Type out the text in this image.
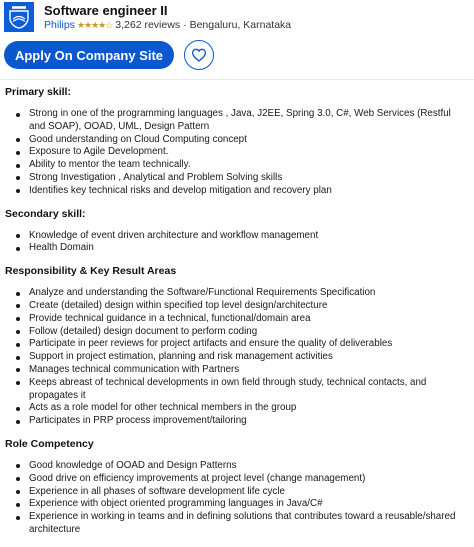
Software engineer II
Philips ★★★★☆ 3,262 reviews · Bengaluru, Karnataka
Apply On Company Site
Primary skill:
Strong in one of the programming languages , Java, J2EE, Spring 3.0, C#, Web Services (Restful and SOAP), OOAD, UML, Design Pattern
Good understanding on Cloud Computing concept
Exposure to Agile Development.
Ability to mentor the team technically.
Strong Investigation , Analytical and Problem Solving skills
Identifies key technical risks and develop mitigation and recovery plan
Secondary skill:
Knowledge of event driven architecture and workflow management
Health Domain
Responsibility & Key Result Areas
Analyze and understanding the Software/Functional Requirements Specification
Create (detailed) design within specified top level design/architecture
Provide technical guidance in a technical, functional/domain area
Follow (detailed) design document to perform coding
Participate in peer reviews for project artifacts and ensure the quality of deliverables
Support in project estimation, planning and risk management activities
Manages technical communication with Partners
Keeps abreast of technical developments in own field through study, technical contacts, and propagates it
Acts as a role model for other technical members in the group
Participates in PRP process improvement/tailoring
Role Competency
Good knowledge of OOAD and Design Patterns
Good drive on efficiency improvements at project level (change management)
Experience in all phases of software development life cycle
Experience with object oriented programming languages in Java/C#
Experience in working in teams and in defining solutions that contributes toward a reusable/shared architecture
